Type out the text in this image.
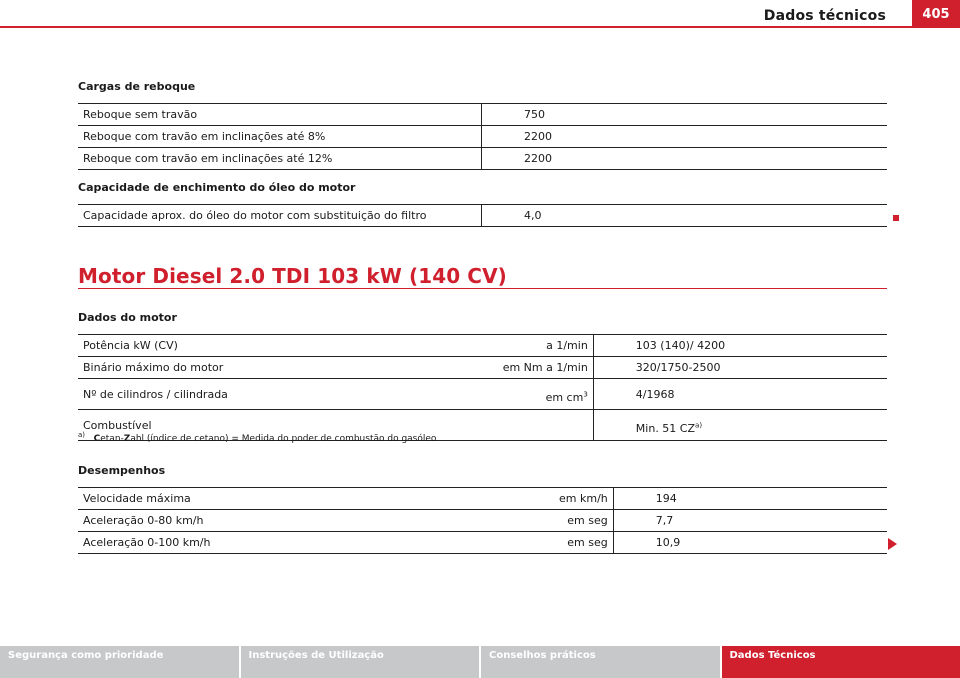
Dados técnicos	405
Cargas de reboque
Reboque sem travão	750
Reboque com travão em inclinações até 8%	2200
Reboque com travão em inclinações até 12%	2200
Capacidade de enchimento do óleo do motor
Capacidade aprox. do óleo do motor com substituição do filtro	4,0
Motor Diesel 2.0 TDI 103 kW (140 CV)
Dados do motor
Potência kW (CV)	a 1/min	103 (140)/ 4200
Binário máximo do motor	em Nm a 1/min	320/1750-2500
Nº de cilindros / cilindrada	em $cm^3$	4/1968
Combustível		Min. 51 CZ$^{a)}$
$^{a)}$ Cetan-Zahl (índice de cetano) = Medida do poder de combustão do gasóleo
Desempenhos
Velocidade máxima	em km/h	194
Aceleração 0-80 km/h	em seg	7,7
Aceleração 0-100 km/h	em seg	10,9
Segurança como prioridade	Instruções de Utilização	Conselhos práticos	Dados Técnicos
